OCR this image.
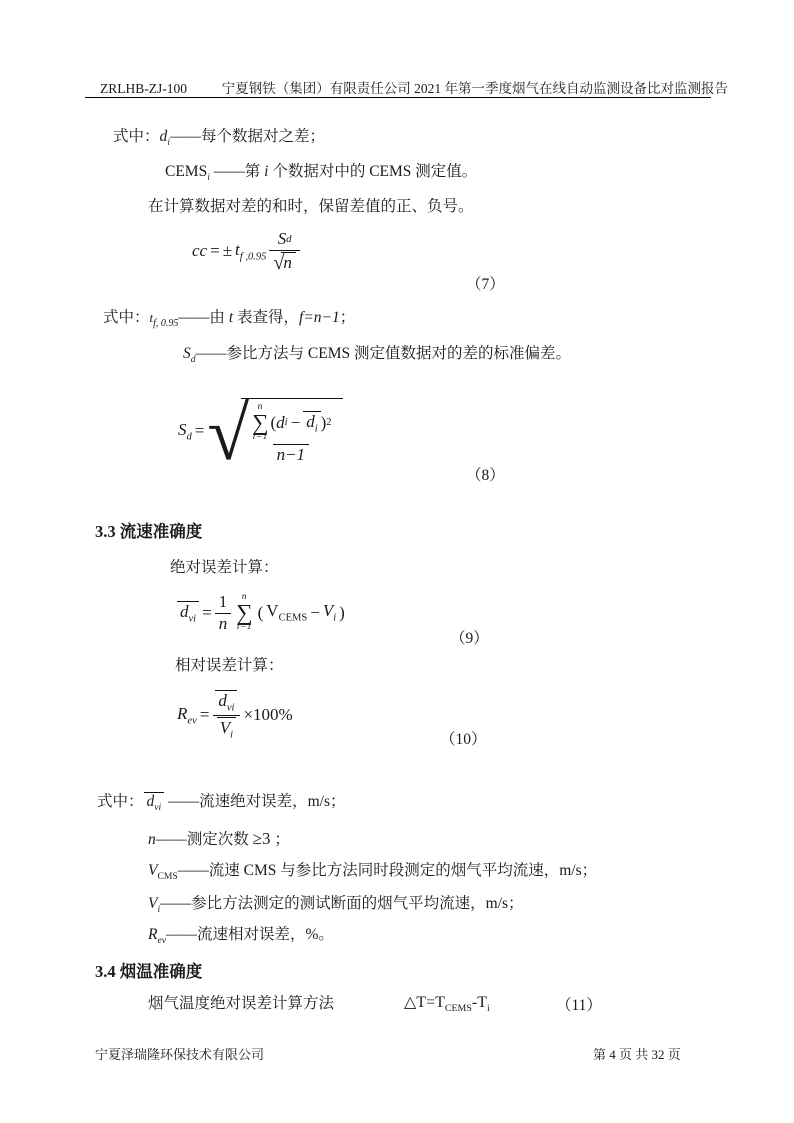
ZRLHB-ZJ-100	宁夏钢铁（集团）有限责任公司 2021 年第一季度烟气在线自动监测设备比对监测报告
式中：$d_i——$每个数据对之差；
$CEMS_i$ ——第 i 个数据对中的 CEMS 测定值。
在计算数据对差的和时，保留差值的正、负号。
cc = ± $t_{f ,0.95} \frac{\text{S d}}{√ n}$
（7）
式中：$t_{f, 0.95}——$由 t 表查得，f=n−1；
$S_d——$参比方法与 CEMS 测定值数据对的差的标准偏差。
$S_d$ = √ n
∑
i=1
( d $i - d_i$ ) 2
n−1
（8）
3.3 流速准确度
绝对误差计算：
$d_{vi} = \frac{1}{n}$ n
∑
i=1
( $V_{CEMS} - V_i$ )
（9）
相对误差计算：
$R_{ev} = \frac{d_{vi}}{V_i} \times 100\%$
（10）
式中： $d_{vi}$ ——流速绝对误差，m/s；
n——测定次数 ≥3 ；
$V_{CMS}——$流速 CMS 与参比方法同时段测定的烟气平均流速，m/s；
$V_i——$参比方法测定的测试断面的烟气平均流速，m/s；
$R_{ev}——$流速相对误差，%。
3.4 烟温准确度
烟气温度绝对误差计算方法	$\triangle T=T_{CEMS}-T_i$	（11）
宁夏泽瑞隆环保技术有限公司	第 4 页 共 32 页
